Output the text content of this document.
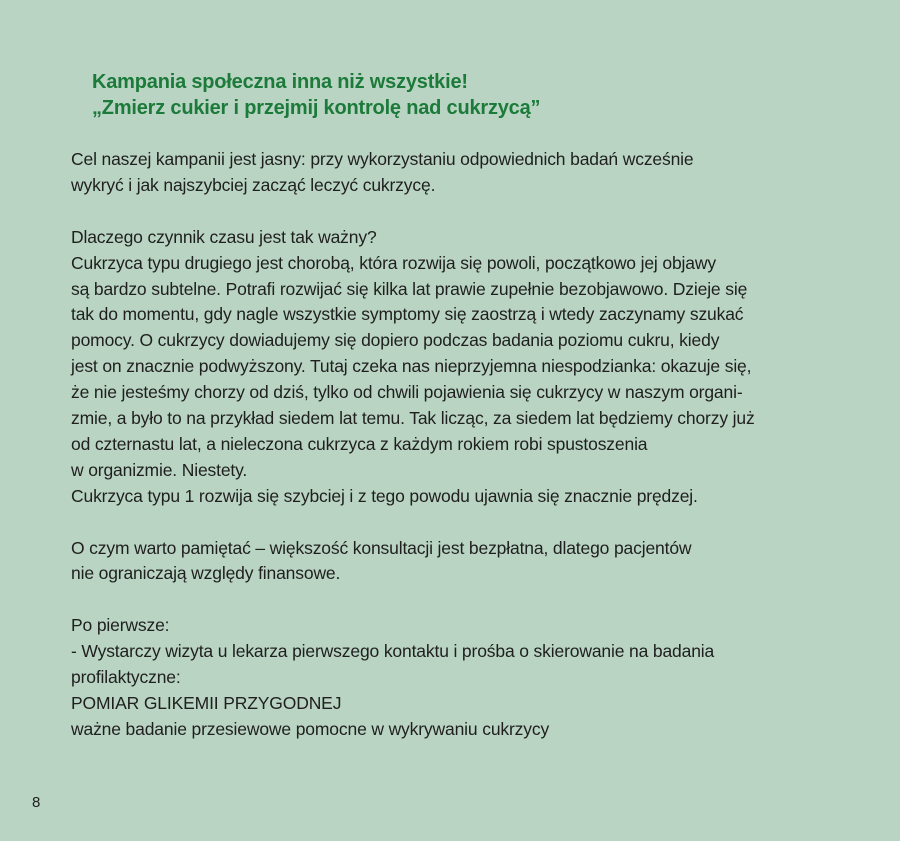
Kampania społeczna inna niż wszystkie!
„Zmierz cukier i przejmij kontrolę nad cukrzycą”
Cel naszej kampanii jest jasny: przy wykorzystaniu odpowiednich badań wcześnie
wykryć i jak najszybciej zacząć leczyć cukrzycę.
Dlaczego czynnik czasu jest tak ważny?
Cukrzyca typu drugiego jest chorobą, która rozwija się powoli, początkowo jej objawy
są bardzo subtelne. Potrafi rozwijać się kilka lat prawie zupełnie bezobjawowo. Dzieje się
tak do momentu, gdy nagle wszystkie symptomy się zaostrzą i wtedy zaczynamy szukać
pomocy. O cukrzycy dowiadujemy się dopiero podczas badania poziomu cukru, kiedy
jest on znacznie podwyższony. Tutaj czeka nas nieprzyjemna niespodzianka: okazuje się,
że nie jesteśmy chorzy od dziś, tylko od chwili pojawienia się cukrzycy w naszym organi-
zmie, a było to na przykład siedem lat temu. Tak licząc, za siedem lat będziemy chorzy już
od czternastu lat, a nieleczona cukrzyca z każdym rokiem robi spustoszenia
w organizmie. Niestety.
Cukrzyca typu 1 rozwija się szybciej i z tego powodu ujawnia się znacznie prędzej.
O czym warto pamiętać – większość konsultacji jest bezpłatna, dlatego pacjentów
nie ograniczają względy finansowe.
Po pierwsze:
- Wystarczy wizyta u lekarza pierwszego kontaktu i prośba o skierowanie na badania
profilaktyczne:
POMIAR GLIKEMII PRZYGODNEJ
ważne badanie przesiewowe pomocne w wykrywaniu cukrzycy
8
